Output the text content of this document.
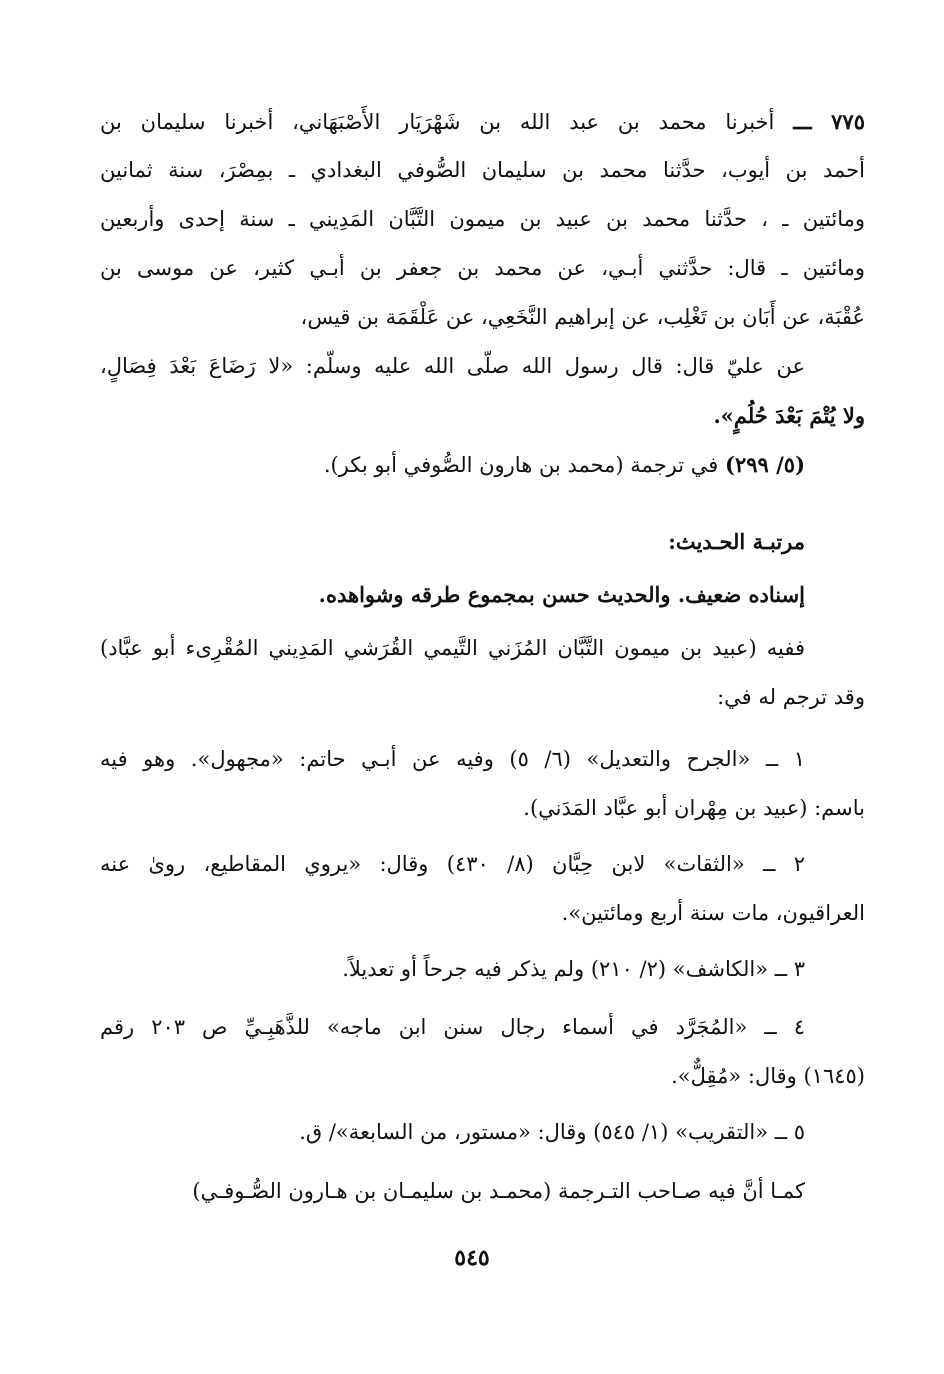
٧٧٥ ـــ أخبرنا محمد بن عبد الله بن شَهْرَيَار الأَصْبَهَاني، أخبرنا سليمان بن
أحمد بن أيوب، حدَّثنا محمد بن سليمان الصُّوفي البغدادي ـ بمِصْرَ، سنة ثمانين
ومائتين ـ ، حدَّثنا محمد بن عبيد بن ميمون التَّبَّان المَدِيني ـ سنة إحدى وأربعين
ومائتين ـ قال: حدَّثني أبـي، عن محمد بن جعفر بن أبـي كثير، عن موسى بن
عُقْبَة، عن أَبَان بن تَغْلِب، عن إبراهيم النَّخَعِي، عن عَلْقَمَة بن قيس،
عن عليّ قال: قال رسول الله صلّى الله عليه وسلّم: «لا رَضَاعَ بَعْدَ فِصَالٍ،
ولا يُتْمَ بَعْدَ حُلُمٍ».
(٥/ ٢٩٩) في ترجمة (محمد بن هارون الصُّوفي أبو بكر).
مرتبـة الحـديث:
إسناده ضعيف. والحديث حسن بمجموع طرقه وشواهده.
ففيه (عبيد بن ميمون التَّبَّان المُزَني التَّيمي القُرَشي المَدِيني المُقْرِىء أبو عبَّاد)
وقد ترجم له في:
١ ــ «الجرح والتعديل» (٦/ ٥) وفيه عن أبـي حاتم: «مجهول». وهو فيه
باسم: (عبيد بن مِهْران أبو عبَّاد المَدَني).
٢ ــ «الثقات» لابن حِبَّان (٨/ ٤٣٠) وقال: «يروي المقاطيع، روىٰ عنه
العراقيون، مات سنة أربع ومائتين».
٣ ــ «الكاشف» (٢/ ٢١٠) ولم يذكر فيه جرحاً أو تعديلاً.
٤ ــ «المُجَرَّد في أسماء رجال سنن ابن ماجه» للذَّهَبِـيِّ ص ٢٠٣ رقم
(١٦٤٥) وقال: «مُقِلٌّ».
٥ ــ «التقريب» (١/ ٥٤٥) وقال: «مستور، من السابعة»/ ق.
كمـا أنَّ فيه صـاحب التـرجمة (محمـد بن سليمـان بن هـارون الصُّـوفـي)
٥٤٥
